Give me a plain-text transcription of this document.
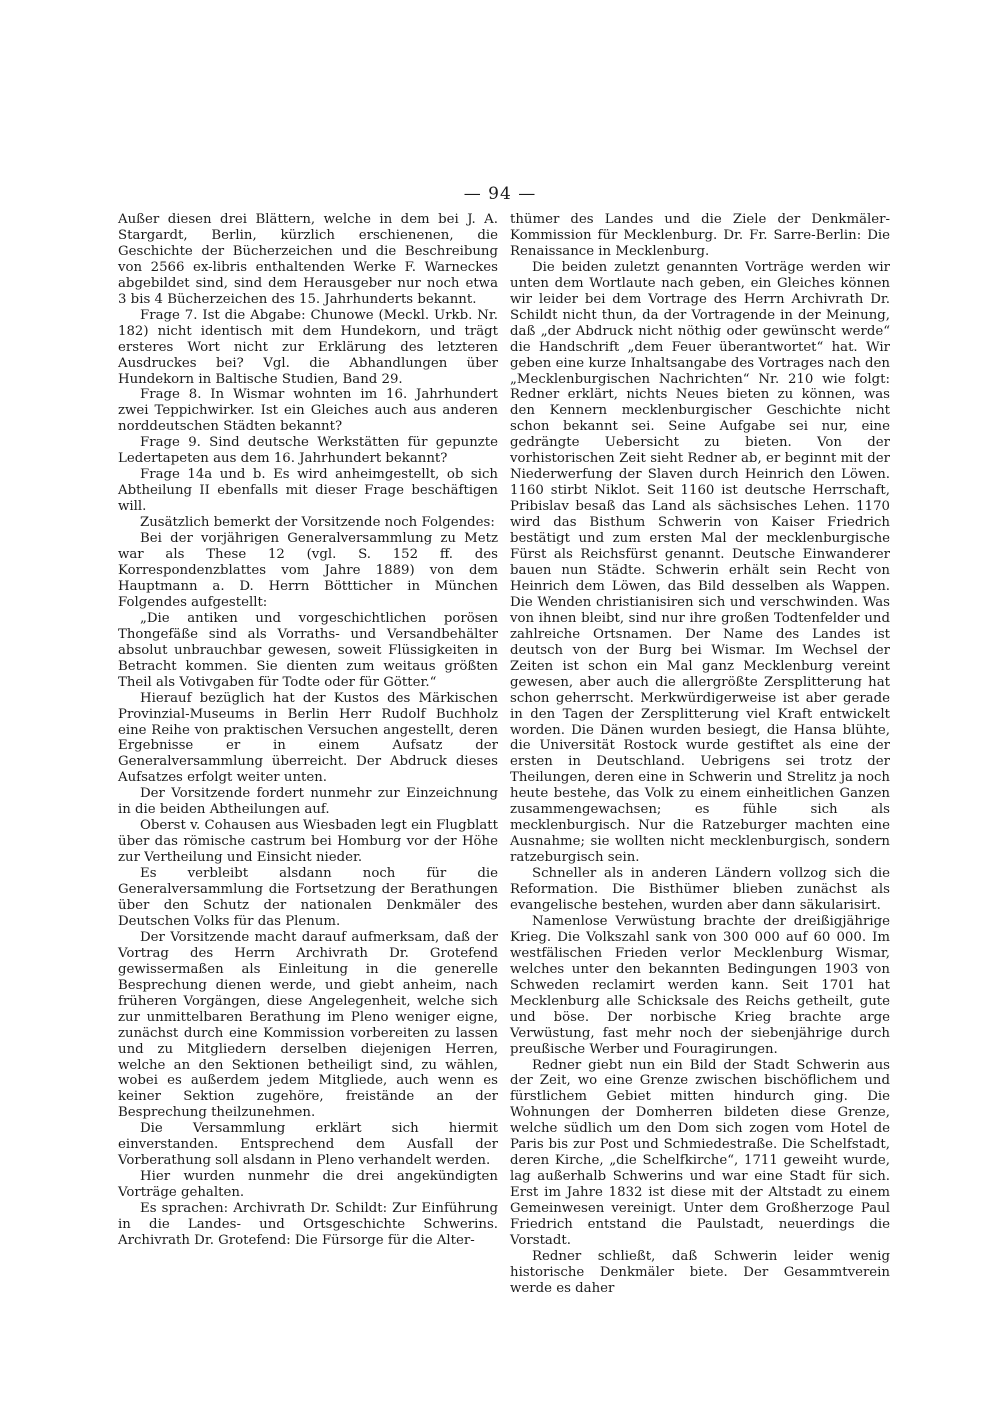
— 94 —

Außer diesen drei Blättern, welche in dem bei J. A. Stargardt, Berlin, kürzlich erschienenen, die Geschichte der Bücherzeichen und die Beschreibung von 2566 ex-libris enthaltenden Werke F. Warneckes abgebildet sind, sind dem Herausgeber nur noch etwa 3 bis 4 Bücherzeichen des 15. Jahrhunderts bekannt.

Frage 7. Ist die Abgabe: Chunowe (Meckl. Urkb. Nr. 182) nicht identisch mit dem Hundekorn, und trägt ersteres Wort nicht zur Erklärung des letzteren Ausdruckes bei? Vgl. die Abhandlungen über Hundekorn in Baltische Studien, Band 29.

Frage 8. In Wismar wohnten im 16. Jahrhundert zwei Teppichwirker. Ist ein Gleiches auch aus anderen norddeutschen Städten bekannt?

Frage 9. Sind deutsche Werkstätten für gepunzte Ledertapeten aus dem 16. Jahrhundert bekannt?

Frage 14a und b. Es wird anheimgestellt, ob sich Abtheilung II ebenfalls mit dieser Frage beschäftigen will.

Zusätzlich bemerkt der Vorsitzende noch Folgendes:

Bei der vorjährigen Generalversammlung zu Metz war als These 12 (vgl. S. 152 ff. des Korrespondenzblattes vom Jahre 1889) von dem Hauptmann a. D. Herrn Böttticher in München Folgendes aufgestellt:

„Die antiken und vorgeschichtlichen porösen Thongefäße sind als Vorraths- und Versandbehälter absolut unbrauchbar gewesen, soweit Flüssigkeiten in Betracht kommen. Sie dienten zum weitaus größten Theil als Votivgaben für Todte oder für Götter.“

Hierauf bezüglich hat der Kustos des Märkischen Provinzial-Museums in Berlin Herr Rudolf Buchholz eine Reihe von praktischen Versuchen angestellt, deren Ergebnisse er in einem Aufsatz der Generalversammlung überreicht. Der Abdruck dieses Aufsatzes erfolgt weiter unten.

Der Vorsitzende fordert nunmehr zur Einzeichnung in die beiden Abtheilungen auf.

Oberst v. Cohausen aus Wiesbaden legt ein Flugblatt über das römische castrum bei Homburg vor der Höhe zur Vertheilung und Einsicht nieder.

Es verbleibt alsdann noch für die Generalversammlung die Fortsetzung der Berathungen über den Schutz der nationalen Denkmäler des Deutschen Volks für das Plenum.

Der Vorsitzende macht darauf aufmerksam, daß der Vortrag des Herrn Archivrath Dr. Grotefend gewissermaßen als Einleitung in die generelle Besprechung dienen werde, und giebt anheim, nach früheren Vorgängen, diese Angelegenheit, welche sich zur unmittelbaren Berathung im Pleno weniger eigne, zunächst durch eine Kommission vorbereiten zu lassen und zu Mitgliedern derselben diejenigen Herren, welche an den Sektionen betheiligt sind, zu wählen, wobei es außerdem jedem Mitgliede, auch wenn es keiner Sektion zugehöre, freistände an der Besprechung theilzunehmen.

Die Versammlung erklärt sich hiermit einverstanden. Entsprechend dem Ausfall der Vorberathung soll alsdann in Pleno verhandelt werden.

Hier wurden nunmehr die drei angekündigten Vorträge gehalten.

Es sprachen: Archivrath Dr. Schildt: Zur Einführung in die Landes- und Ortsgeschichte Schwerins. Archivrath Dr. Grotefend: Die Fürsorge für die Alter-

thümer des Landes und die Ziele der Denkmäler-Kommission für Mecklenburg. Dr. Fr. Sarre-Berlin: Die Renaissance in Mecklenburg.

Die beiden zuletzt genannten Vorträge werden wir unten dem Wortlaute nach geben, ein Gleiches können wir leider bei dem Vortrage des Herrn Archivrath Dr. Schildt nicht thun, da der Vortragende in der Meinung, daß „der Abdruck nicht nöthig oder gewünscht werde“ die Handschrift „dem Feuer überantwortet“ hat. Wir geben eine kurze Inhaltsangabe des Vortrages nach den „Mecklenburgischen Nachrichten“ Nr. 210 wie folgt: Redner erklärt, nichts Neues bieten zu können, was den Kennern mecklenburgischer Geschichte nicht schon bekannt sei. Seine Aufgabe sei nur, eine gedrängte Uebersicht zu bieten. Von der vorhistorischen Zeit sieht Redner ab, er beginnt mit der Niederwerfung der Slaven durch Heinrich den Löwen. 1160 stirbt Niklot. Seit 1160 ist deutsche Herrschaft, Pribislav besaß das Land als sächsisches Lehen. 1170 wird das Bisthum Schwerin von Kaiser Friedrich bestätigt und zum ersten Mal der mecklenburgische Fürst als Reichsfürst genannt. Deutsche Einwanderer bauen nun Städte. Schwerin erhält sein Recht von Heinrich dem Löwen, das Bild desselben als Wappen. Die Wenden christianisiren sich und verschwinden. Was von ihnen bleibt, sind nur ihre großen Todtenfelder und zahlreiche Ortsnamen. Der Name des Landes ist deutsch von der Burg bei Wismar. Im Wechsel der Zeiten ist schon ein Mal ganz Mecklenburg vereint gewesen, aber auch die allergrößte Zersplitterung hat schon geherrscht. Merkwürdigerweise ist aber gerade in den Tagen der Zersplitterung viel Kraft entwickelt worden. Die Dänen wurden besiegt, die Hansa blühte, die Universität Rostock wurde gestiftet als eine der ersten in Deutschland. Uebrigens sei trotz der Theilungen, deren eine in Schwerin und Strelitz ja noch heute bestehe, das Volk zu einem einheitlichen Ganzen zusammengewachsen; es fühle sich als mecklenburgisch. Nur die Ratzeburger machten eine Ausnahme; sie wollten nicht mecklenburgisch, sondern ratzeburgisch sein.

Schneller als in anderen Ländern vollzog sich die Reformation. Die Bisthümer blieben zunächst als evangelische bestehen, wurden aber dann säkularisirt.

Namenlose Verwüstung brachte der dreißigjährige Krieg. Die Volkszahl sank von 300 000 auf 60 000. Im westfälischen Frieden verlor Mecklenburg Wismar, welches unter den bekannten Bedingungen 1903 von Schweden reclamirt werden kann. Seit 1701 hat Mecklenburg alle Schicksale des Reichs getheilt, gute und böse. Der norbische Krieg brachte arge Verwüstung, fast mehr noch der siebenjährige durch preußische Werber und Fouragirungen.

Redner giebt nun ein Bild der Stadt Schwerin aus der Zeit, wo eine Grenze zwischen bischöflichem und fürstlichem Gebiet mitten hindurch ging. Die Wohnungen der Domherren bildeten diese Grenze, welche südlich um den Dom sich zogen vom Hotel de Paris bis zur Post und Schmiedestraße. Die Schelfstadt, deren Kirche, „die Schelfkirche“, 1711 geweiht wurde, lag außerhalb Schwerins und war eine Stadt für sich. Erst im Jahre 1832 ist diese mit der Altstadt zu einem Gemeinwesen vereinigt. Unter dem Großherzoge Paul Friedrich entstand die Paulstadt, neuerdings die Vorstadt.

Redner schließt, daß Schwerin leider wenig historische Denkmäler biete. Der Gesammtverein werde es daher
